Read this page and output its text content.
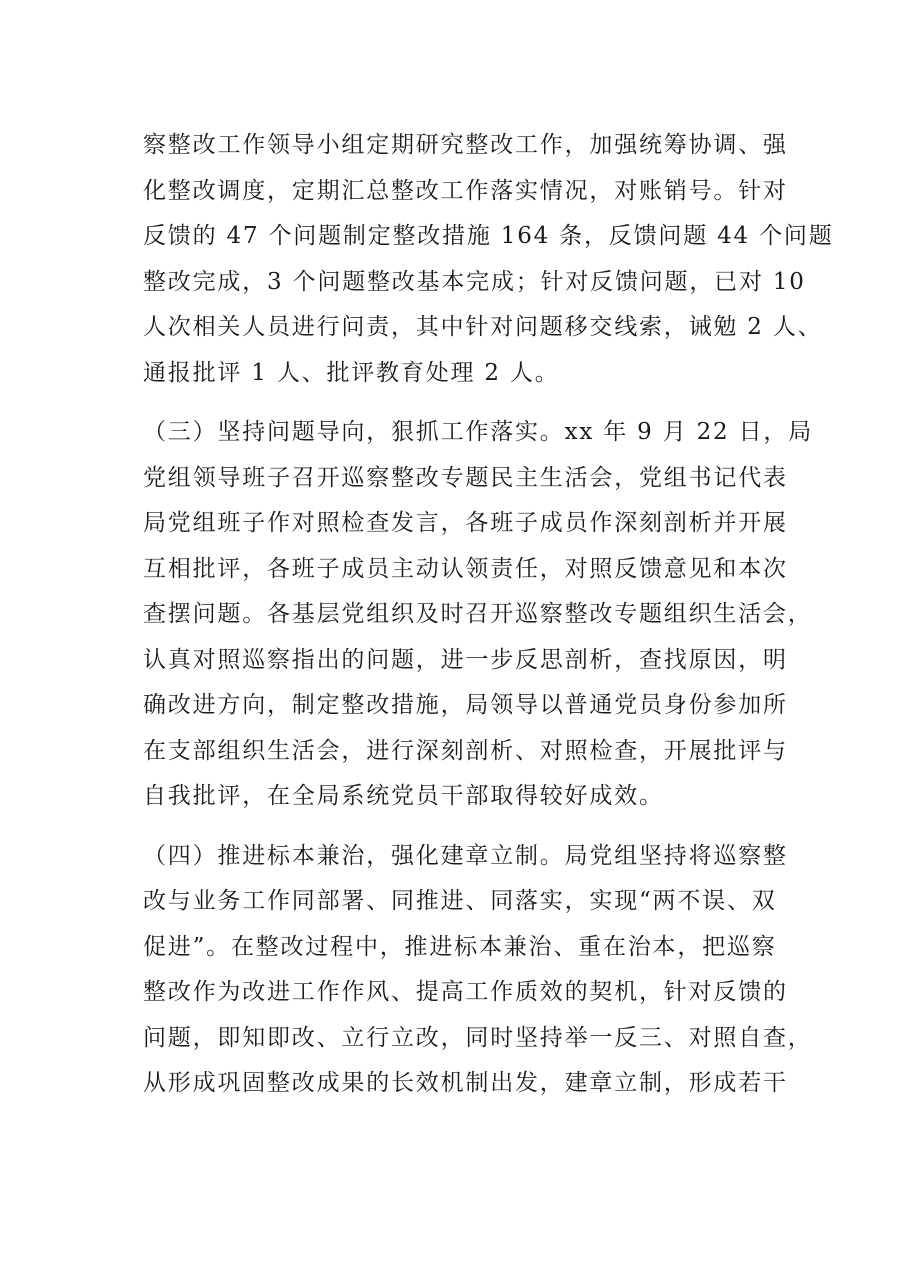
察整改工作领导小组定期研究整改工作，加强统筹协调、强
化整改调度，定期汇总整改工作落实情况，对账销号。针对
反馈的 47 个问题制定整改措施 164 条，反馈问题 44 个问题
整改完成，3 个问题整改基本完成；针对反馈问题，已对 10
人次相关人员进行问责，其中针对问题移交线索，诫勉 2 人、
通报批评 1 人、批评教育处理 2 人。
（三）坚持问题导向，狠抓工作落实。xx 年 9 月 22 日，局
党组领导班子召开巡察整改专题民主生活会，党组书记代表
局党组班子作对照检查发言，各班子成员作深刻剖析并开展
互相批评，各班子成员主动认领责任，对照反馈意见和本次
查摆问题。各基层党组织及时召开巡察整改专题组织生活会，
认真对照巡察指出的问题，进一步反思剖析，查找原因，明
确改进方向，制定整改措施，局领导以普通党员身份参加所
在支部组织生活会，进行深刻剖析、对照检查，开展批评与
自我批评，在全局系统党员干部取得较好成效。
（四）推进标本兼治，强化建章立制。局党组坚持将巡察整
改与业务工作同部署、同推进、同落实，实现“两不误、双
促进”。在整改过程中，推进标本兼治、重在治本，把巡察
整改作为改进工作作风、提高工作质效的契机，针对反馈的
问题，即知即改、立行立改，同时坚持举一反三、对照自查，
从形成巩固整改成果的长效机制出发，建章立制，形成若干
